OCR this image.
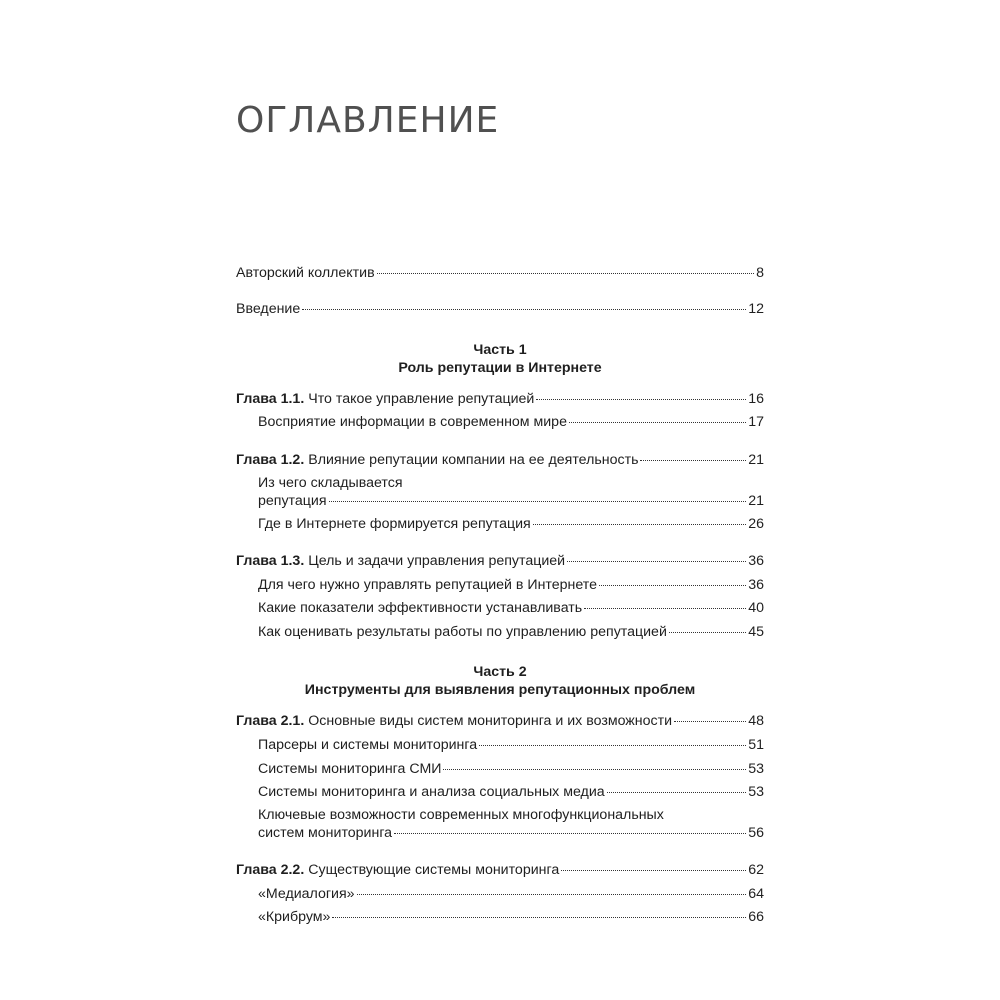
ОГЛАВЛЕНИЕ
Авторский коллектив	8
Введение	12
Часть 1
Роль репутации в Интернете
Глава 1.1. Что такое управление репутацией	16
Восприятие информации в современном мире	17
Глава 1.2. Влияние репутации компании на ее деятельность	21
Из чего складывается
репутация	21
Где в Интернете формируется репутация	26
Глава 1.3. Цель и задачи управления репутацией	36
Для чего нужно управлять репутацией в Интернете	36
Какие показатели эффективности устанавливать	40
Как оценивать результаты работы по управлению репутацией	45
Часть 2
Инструменты для выявления репутационных проблем
Глава 2.1. Основные виды систем мониторинга и их возможности	48
Парсеры и системы мониторинга	51
Системы мониторинга СМИ	53
Системы мониторинга и анализа социальных медиа	53
Ключевые возможности современных многофункциональных
систем мониторинга	56
Глава 2.2. Существующие системы мониторинга	62
«Медиалогия»	64
«Крибрум»	66
